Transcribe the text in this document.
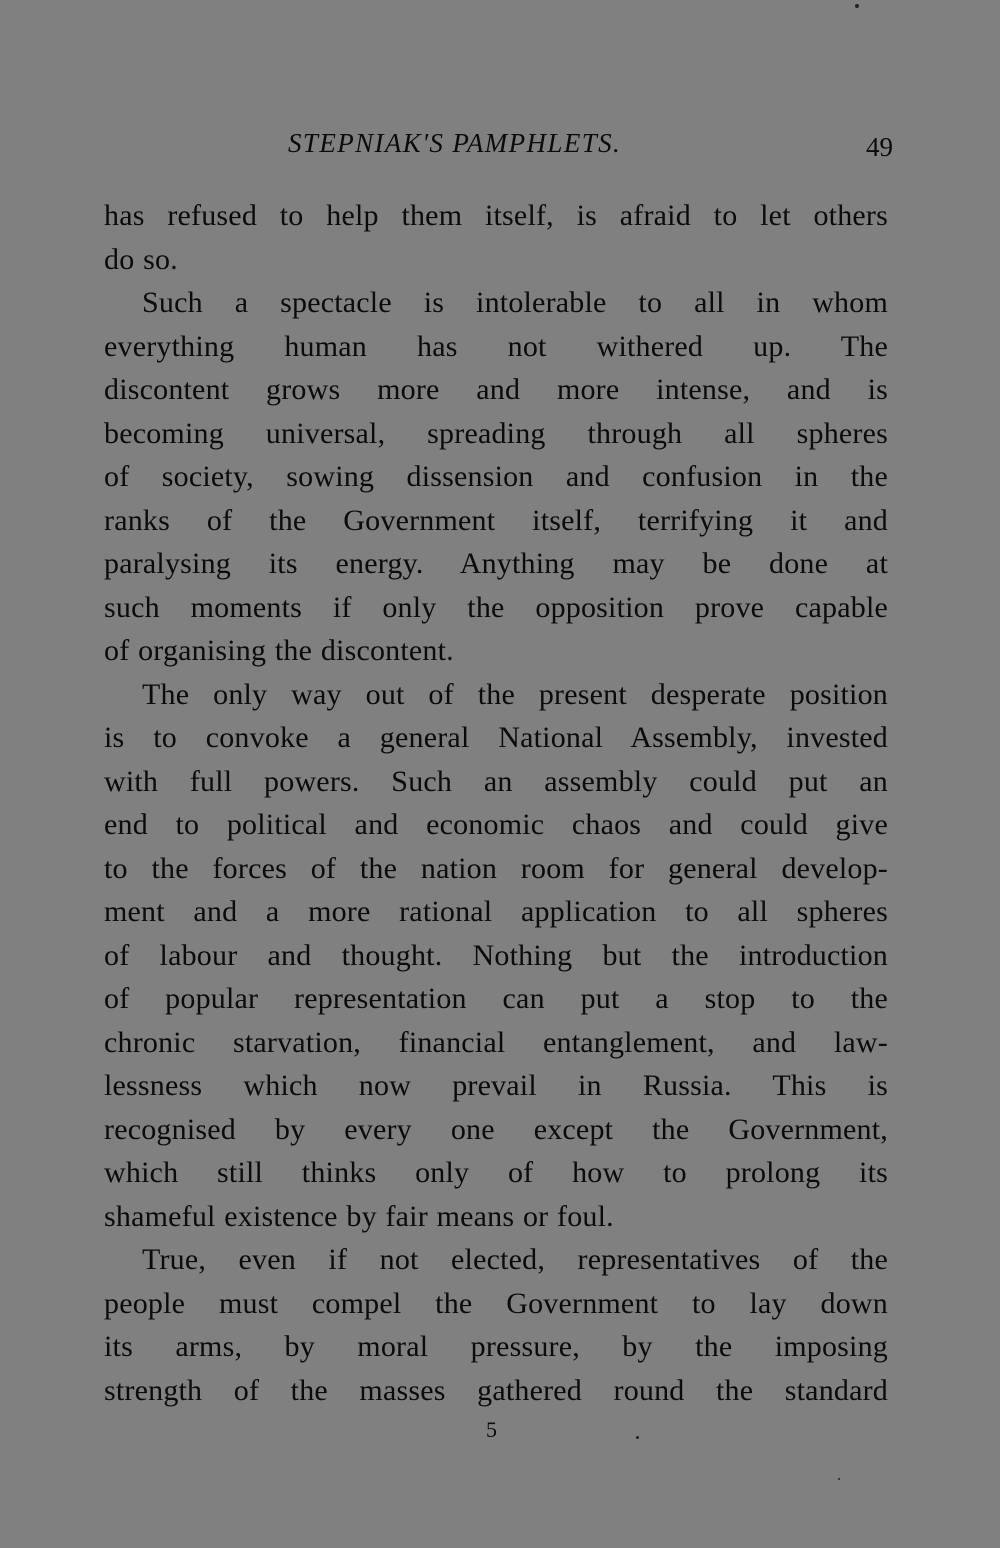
STEPNIAK'S PAMPHLETS.	49
has refused to help them itself, is afraid to let others
do so.
Such a spectacle is intolerable to all in whom
everything human has not withered up. The
discontent grows more and more intense, and is
becoming universal, spreading through all spheres
of society, sowing dissension and confusion in the
ranks of the Government itself, terrifying it and
paralysing its energy. Anything may be done at
such moments if only the opposition prove capable
of organising the discontent.
The only way out of the present desperate position
is to convoke a general National Assembly, invested
with full powers. Such an assembly could put an
end to political and economic chaos and could give
to the forces of the nation room for general develop-
ment and a more rational application to all spheres
of labour and thought. Nothing but the introduction
of popular representation can put a stop to the
chronic starvation, financial entanglement, and law-
lessness which now prevail in Russia. This is
recognised by every one except the Government,
which still thinks only of how to prolong its
shameful existence by fair means or foul.
True, even if not elected, representatives of the
people must compel the Government to lay down
its arms, by moral pressure, by the imposing
strength of the masses gathered round the standard
5
